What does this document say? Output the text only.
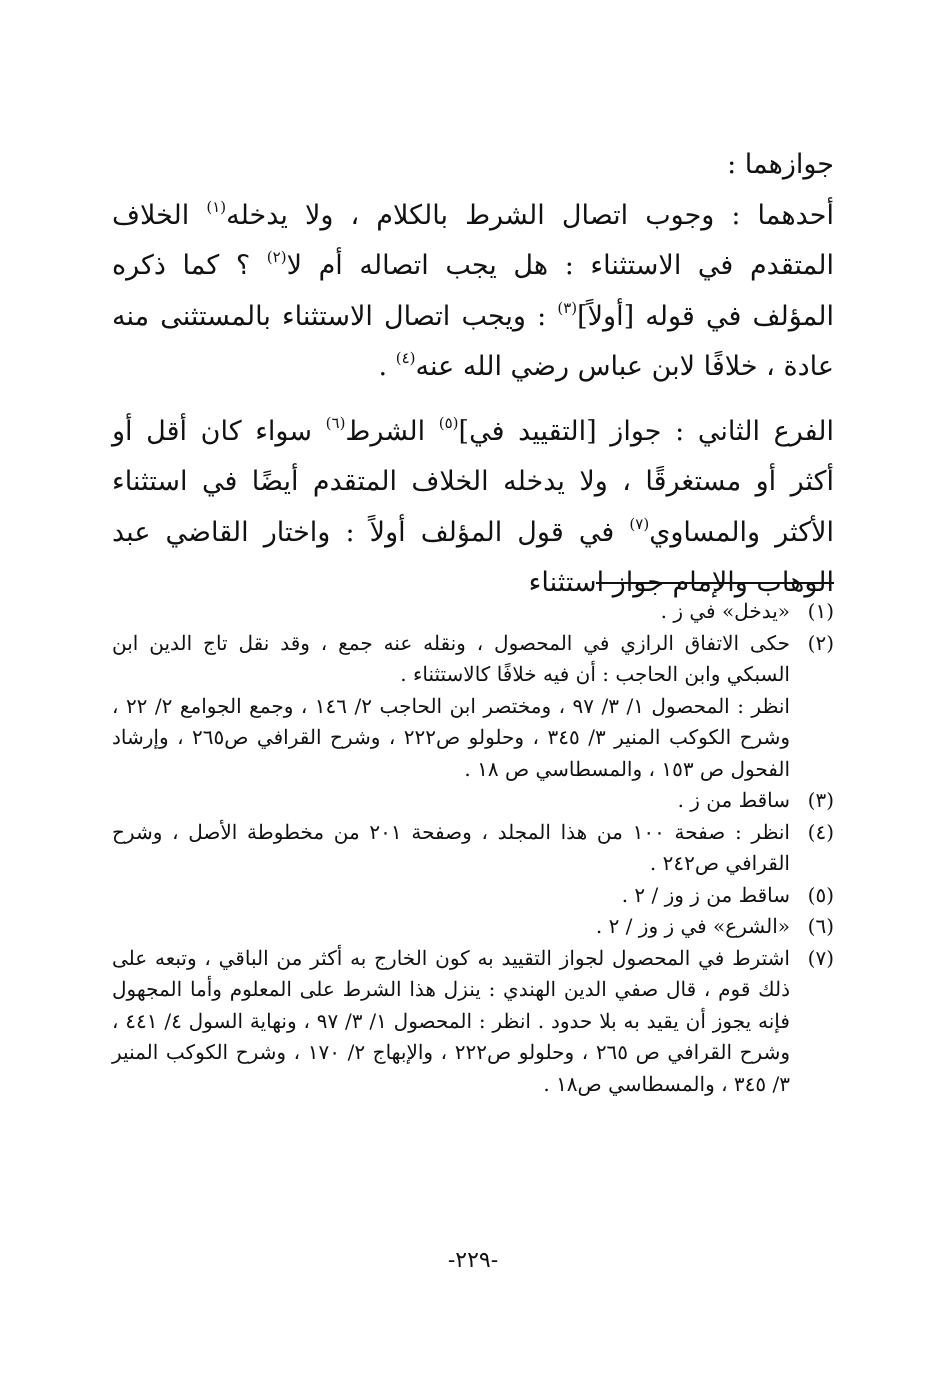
جوازهما :

أحدهما : وجوب اتصال الشرط بالكلام ، ولا يدخله$^{(١)}$ الخلاف المتقدم في الاستثناء : هل يجب اتصاله أم لا$^{(٢)}$ ؟ كما ذكره المؤلف في قوله [أولاً]$^{(٣)}$ : ويجب اتصال الاستثناء بالمستثنى منه عادة ، خلافًا لابن عباس رضي الله عنه$^{(٤)}$ .

الفرع الثاني : جواز [التقييد في]$^{(٥)}$ الشرط$^{(٦)}$ سواء كان أقل أو أكثر أو مستغرقًا ، ولا يدخله الخلاف المتقدم أيضًا في استثناء الأكثر والمساوي$^{(٧)}$ في قول المؤلف أولاً : واختار القاضي عبد الوهاب والإمام جواز استثناء

(١)
«يدخل» في ز .
(٢)
حكى الاتفاق الرازي في المحصول ، ونقله عنه جمع ، وقد نقل تاج الدين ابن السبكي وابن الحاجب : أن فيه خلافًا كالاستثناء .
انظر : المحصول ١/ ٣/ ٩٧ ، ومختصر ابن الحاجب ٢/ ١٤٦ ، وجمع الجوامع ٢/ ٢٢ ، وشرح الكوكب المنير ٣/ ٣٤٥ ، وحلولو ص٢٢٢ ، وشرح القرافي ص٢٦٥ ، وإرشاد الفحول ص ١٥٣ ، والمسطاسي ص ١٨ .
(٣)
ساقط من ز .
(٤)
انظر : صفحة ١٠٠ من هذا المجلد ، وصفحة ٢٠١ من مخطوطة الأصل ، وشرح القرافي ص٢٤٢ .
(٥)
ساقط من ز وز / ٢ .
(٦)
«الشرع» في ز وز / ٢ .
(٧)
اشترط في المحصول لجواز التقييد به كون الخارج به أكثر من الباقي ، وتبعه على ذلك قوم ، قال صفي الدين الهندي : ينزل هذا الشرط على المعلوم وأما المجهول فإنه يجوز أن يقيد به بلا حدود . انظر : المحصول ١/ ٣/ ٩٧ ، ونهاية السول ٤/ ٤٤١ ، وشرح القرافي ص ٢٦٥ ، وحلولو ص٢٢٢ ، والإبهاج ٢/ ١٧٠ ، وشرح الكوكب المنير ٣/ ٣٤٥ ، والمسطاسي ص١٨ .
-٢٢٩-
